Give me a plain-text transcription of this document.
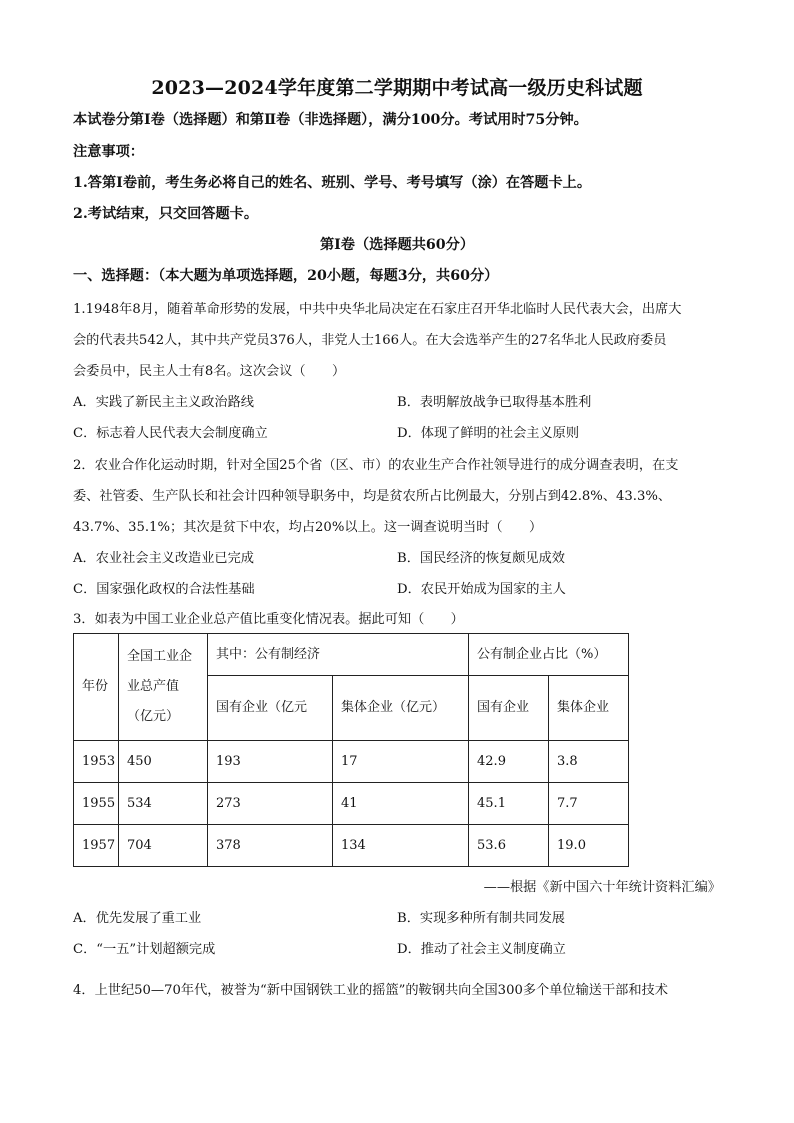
2023—2024学年度第二学期期中考试高一级历史科试题
本试卷分第Ⅰ卷（选择题）和第Ⅱ卷（非选择题），满分100分。考试用时75分钟。
注意事项：
1.答第Ⅰ卷前，考生务必将自己的姓名、班别、学号、考号填写（涂）在答题卡上。
2.考试结束，只交回答题卡。
第Ⅰ卷（选择题共60分）
一、选择题：（本大题为单项选择题，20小题，每题3分，共60分）
1.1948年8月，随着革命形势的发展，中共中央华北局决定在石家庄召开华北临时人民代表大会，出席大
会的代表共542人，其中共产党员376人，非党人士166人。在大会选举产生的27名华北人民政府委员
会委员中，民主人士有8名。这次会议（　　）
A．实践了新民主主义政治路线	B．表明解放战争已取得基本胜利
C．标志着人民代表大会制度确立	D．体现了鲜明的社会主义原则
2．农业合作化运动时期，针对全国25个省（区、市）的农业生产合作社领导进行的成分调查表明，在支
委、社管委、生产队长和社会计四种领导职务中，均是贫农所占比例最大，分别占到42.8%、43.3%、
43.7%、35.1%；其次是贫下中农，均占20%以上。这一调查说明当时（　　）
A．农业社会主义改造业已完成	B．国民经济的恢复颇见成效
C．国家强化政权的合法性基础	D．农民开始成为国家的主人
3．如表为中国工业企业总产值比重变化情况表。据此可知（　　）
年份	全国工业企
业总产值
（亿元）	其中：公有制经济		公有制企业占比（%）	
		国有企业（亿元	集体企业（亿元）	国有企业	集体企业
1953	450	193	17	42.9	3.8
1955	534	273	41	45.1	7.7
1957	704	378	134	53.6	19.0
——根据《新中国六十年统计资料汇编》
A．优先发展了重工业	B．实现多种所有制共同发展
C．“一五”计划超额完成	D．推动了社会主义制度确立
4．上世纪50—70年代，被誉为“新中国钢铁工业的摇篮”的鞍钢共向全国300多个单位输送干部和技术
